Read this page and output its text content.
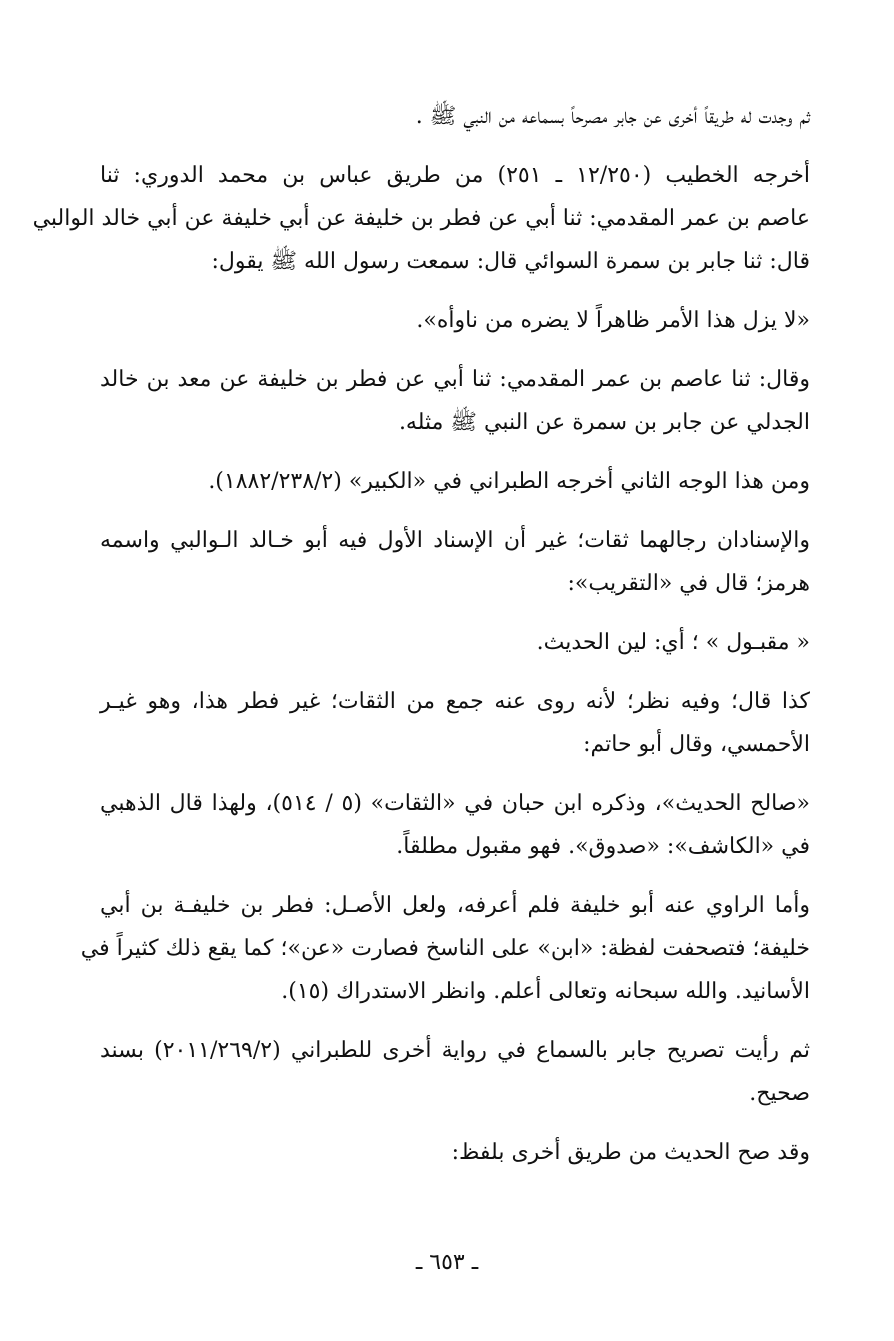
ثم وجدت له طريقاً أخرى عن جابر مصرحاً بسماعه من النبي ﷺ .
أخرجه الخطيب (١٢/٢٥٠ ـ ٢٥١) من طريق عباس بن محمد الدوري: ثنا
عاصم بن عمر المقدمي: ثنا أبي عن فطر بن خليفة عن أبي خليفة عن أبي خالد الوالبي
قال: ثنا جابر بن سمرة السوائي قال: سمعت رسول الله ﷺ يقول:
«لا يزل هذا الأمر ظاهراً لا يضره من ناوأه».
وقال: ثنا عاصم بن عمر المقدمي: ثنا أبي عن فطر بن خليفة عن معد بن خالد
الجدلي عن جابر بن سمرة عن النبي ﷺ مثله.
ومن هذا الوجه الثاني أخرجه الطبراني في «الكبير» (١٨٨٢/٢٣٨/٢).
والإسنادان رجالهما ثقات؛ غير أن الإسناد الأول فيه أبو خـالد الـوالبي واسمه
هرمز؛ قال في «التقريب»:
« مقبـول » ؛ أي: لين الحديث.
كذا قال؛ وفيه نظر؛ لأنه روى عنه جمع من الثقات؛ غير فطر هذا، وهو غيـر
الأحمسي، وقال أبو حاتم:
«صالح الحديث»، وذكره ابن حبان في «الثقات» (٥ / ٥١٤)، ولهذا قال الذهبي
في «الكاشف»: «صدوق». فهو مقبول مطلقاً.
وأما الراوي عنه أبو خليفة فلم أعرفه، ولعل الأصـل: فطر بن خليفـة بن أبي
خليفة؛ فتصحفت لفظة: «ابن» على الناسخ فصارت «عن»؛ كما يقع ذلك كثيراً في
الأسانيد. والله سبحانه وتعالى أعلم. وانظر الاستدراك (١٥).
ثم رأيت تصريح جابر بالسماع في رواية أخرى للطبراني (٢٠١١/٢٦٩/٢) بسند
صحيح.
وقد صح الحديث من طريق أخرى بلفظ:
ـ ٦٥٣ ـ
